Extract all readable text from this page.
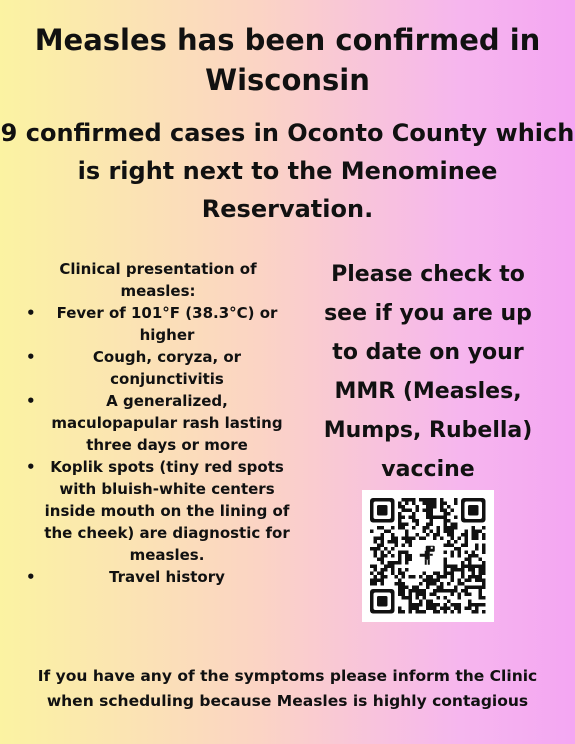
Measles has been confirmed in Wisconsin
9 confirmed cases in Oconto County which is right next to the Menominee Reservation.

Clinical presentation of measles:

• Fever of 101°F (38.3°C) or higher
•	Cough, coryza, or conjunctivitis
•	A generalized, maculopapular rash lasting three days or more
• Koplik spots (tiny red spots with bluish-white centers inside mouth on the lining of the cheek) are diagnostic for measles.
•	Travel history
Please check to see if you are up to date on your MMR (Measles, Mumps, Rubella) vaccine
If you have any of the symptoms please inform the Clinic when scheduling because Measles is highly contagious
